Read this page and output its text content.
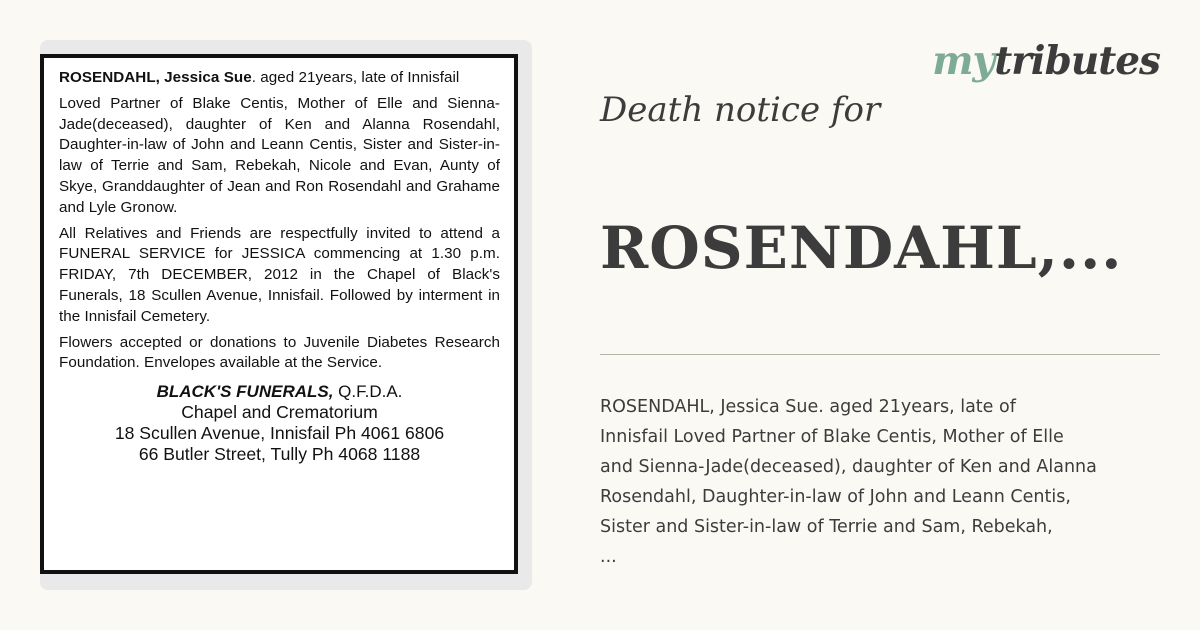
ROSENDAHL, Jessica Sue. aged 21years, late of Innisfail

Loved Partner of Blake Centis, Mother of Elle and Sienna-Jade(deceased), daughter of Ken and Alanna Rosendahl, Daughter-in-law of John and Leann Centis, Sister and Sister-in-law of Terrie and Sam, Rebekah, Nicole and Evan, Aunty of Skye, Granddaughter of Jean and Ron Rosendahl and Grahame and Lyle Gronow.

All Relatives and Friends are respectfully invited to attend a FUNERAL SERVICE for JESSICA commencing at 1.30 p.m. FRIDAY, 7th DECEMBER, 2012 in the Chapel of Black's Funerals, 18 Scullen Avenue, Innisfail. Followed by interment in the Innisfail Cemetery.

Flowers accepted or donations to Juvenile Diabetes Research Foundation. Envelopes available at the Service.

BLACK'S FUNERALS, Q.F.D.A.
Chapel and Crematorium
18 Scullen Avenue, Innisfail Ph 4061 6806
66 Butler Street, Tully Ph 4068 1188
mytributes
Death notice for
ROSENDAHL,...
ROSENDAHL, Jessica Sue. aged 21years, late of
Innisfail Loved Partner of Blake Centis, Mother of Elle
and Sienna-Jade(deceased), daughter of Ken and Alanna
Rosendahl, Daughter-in-law of John and Leann Centis,
Sister and Sister-in-law of Terrie and Sam, Rebekah,
...
